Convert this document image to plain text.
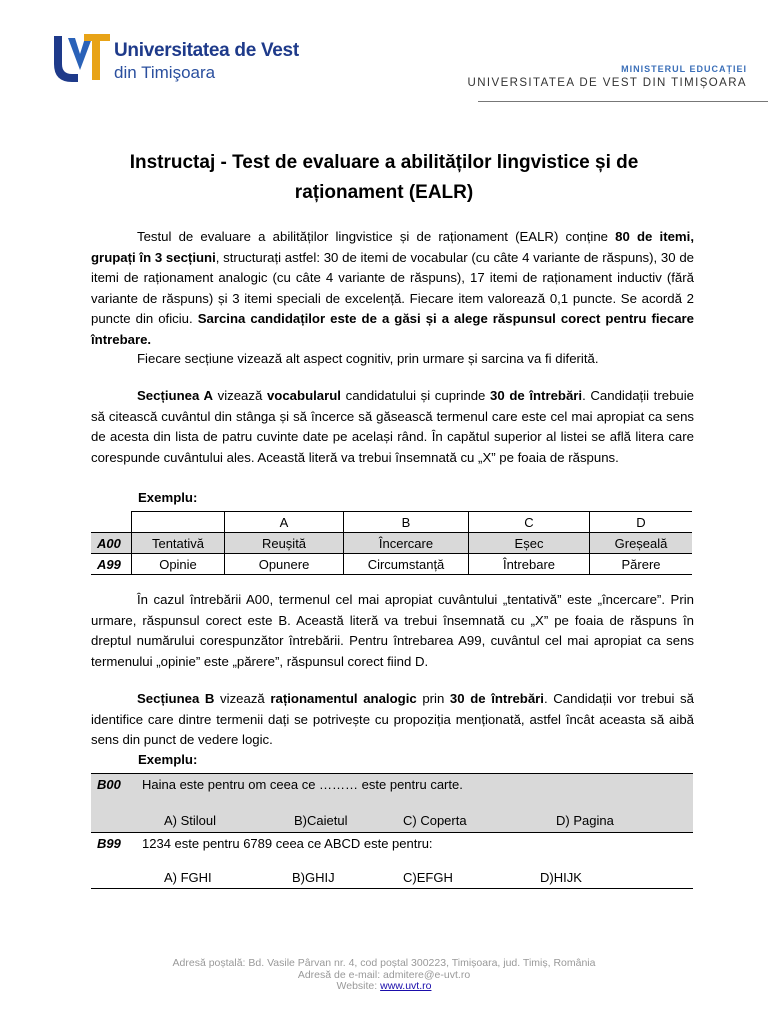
Universitatea de Vest
din Timişoara	MINISTERUL EDUCAȚIEI
UNIVERSITATEA DE VEST DIN TIMIȘOARA
Instructaj - Test de evaluare a abilităților lingvistice și de raționament (EALR)
Testul de evaluare a abilităților lingvistice și de raționament (EALR) conține 80 de itemi, grupați în 3 secțiuni, structurați astfel: 30 de itemi de vocabular (cu câte 4 variante de răspuns), 30 de itemi de raționament analogic (cu câte 4 variante de răspuns), 17 itemi de raționament inductiv (fără variante de răspuns) și 3 itemi speciali de excelență. Fiecare item valorează 0,1 puncte. Se acordă 2 puncte din oficiu. Sarcina candidaților este de a găsi și a alege răspunsul corect pentru fiecare întrebare.
Fiecare secțiune vizează alt aspect cognitiv, prin urmare și sarcina va fi diferită.
Secțiunea A vizează vocabularul candidatului și cuprinde 30 de întrebări. Candidații trebuie să citească cuvântul din stânga și să încerce să găsească termenul care este cel mai apropiat ca sens de acesta din lista de patru cuvinte date pe același rând. În capătul superior al listei se află litera care corespunde cuvântului ales. Această literă va trebui însemnată cu „X” pe foaia de răspuns.
Exemplu:
		A	B	C	D
A00	Tentativă	Reușită	Încercare	Eșec	Greșeală
A99	Opinie	Opunere	Circumstanță	Întrebare	Părere
În cazul întrebării A00, termenul cel mai apropiat cuvântului „tentativă” este „încercare”. Prin urmare, răspunsul corect este B. Această literă va trebui însemnată cu „X” pe foaia de răspuns în dreptul numărului corespunzător întrebării. Pentru întrebarea A99, cuvântul cel mai apropiat ca sens termenului „opinie” este „părere”, răspunsul corect fiind D.
Secțiunea B vizează raționamentul analogic prin 30 de întrebări. Candidații vor trebui să identifice care dintre termenii dați se potrivește cu propoziția menționată, astfel încât aceasta să aibă sens din punct de vedere logic.
Exemplu:
B00 Haina este pentru om ceea ce ……… este pentru carte.
A) Stiloul	B)Caietul	C) Coperta	D) Pagina
B99 1234 este pentru 6789 ceea ce ABCD este pentru:
A) FGHI	B)GHIJ	C)EFGH	D)HIJK
Adresă poștală: Bd. Vasile Pârvan nr. 4, cod poștal 300223, Timișoara, jud. Timiș, România
Adresă de e-mail: admitere@e-uvt.ro
Website: www.uvt.ro
